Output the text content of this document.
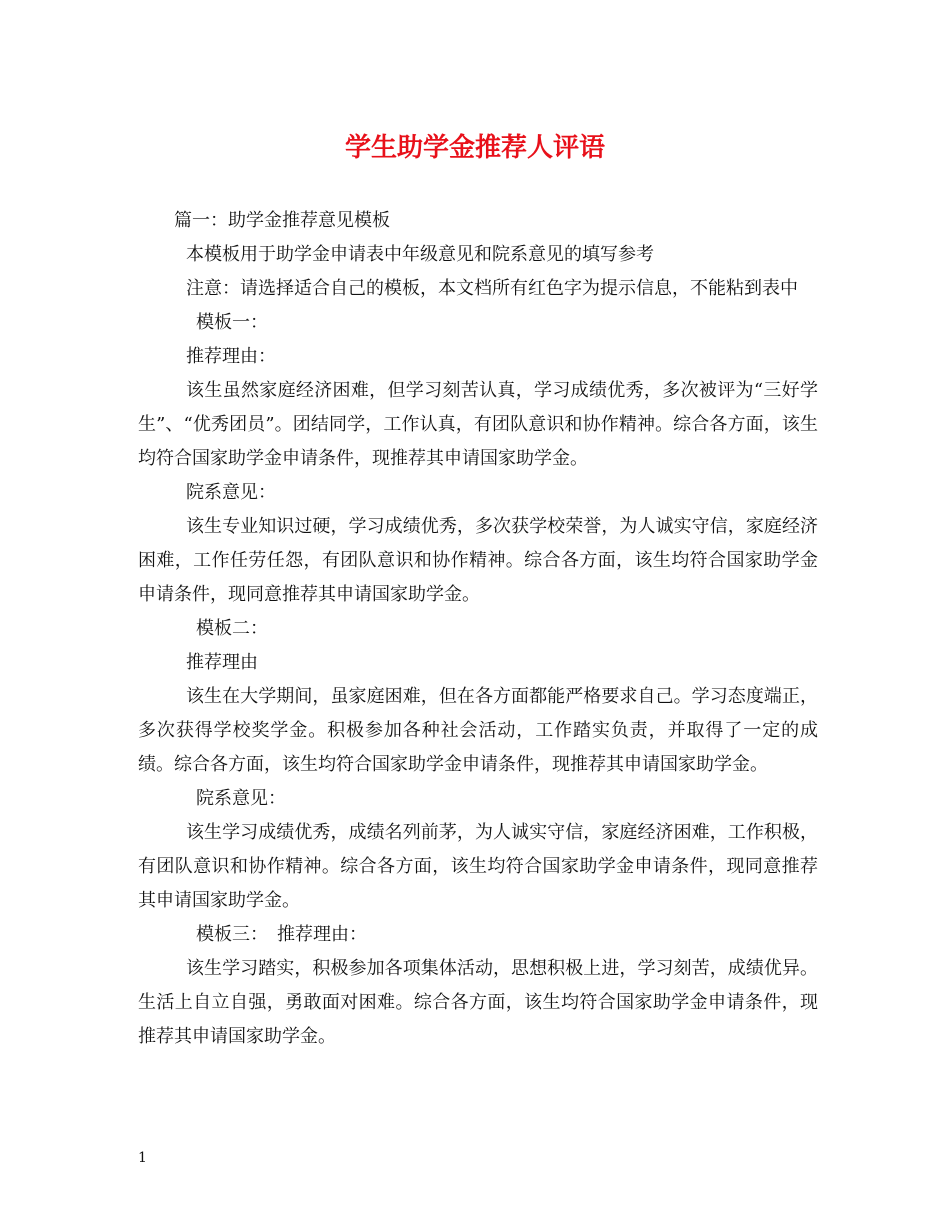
学生助学金推荐人评语

篇一：助学金推荐意见模板

本模板用于助学金申请表中年级意见和院系意见的填写参考

注意：请选择适合自己的模板，本文档所有红色字为提示信息，不能粘到表中

模板一：

推荐理由：

该生虽然家庭经济困难，但学习刻苦认真，学习成绩优秀，多次被评为“三好学生”、“优秀团员”。团结同学，工作认真，有团队意识和协作精神。综合各方面，该生均符合国家助学金申请条件，现推荐其申请国家助学金。

院系意见：

该生专业知识过硬，学习成绩优秀，多次获学校荣誉，为人诚实守信，家庭经济困难，工作任劳任怨，有团队意识和协作精神。综合各方面，该生均符合国家助学金申请条件，现同意推荐其申请国家助学金。

模板二：

推荐理由

该生在大学期间，虽家庭困难，但在各方面都能严格要求自己。学习态度端正，多次获得学校奖学金。积极参加各种社会活动，工作踏实负责，并取得了一定的成绩。综合各方面，该生均符合国家助学金申请条件，现推荐其申请国家助学金。

院系意见：

该生学习成绩优秀，成绩名列前茅，为人诚实守信，家庭经济困难，工作积极，有团队意识和协作精神。综合各方面，该生均符合国家助学金申请条件，现同意推荐其申请国家助学金。

模板三：　推荐理由：

该生学习踏实，积极参加各项集体活动，思想积极上进，学习刻苦，成绩优异。生活上自立自强，勇敢面对困难。综合各方面，该生均符合国家助学金申请条件，现推荐其申请国家助学金。

1
